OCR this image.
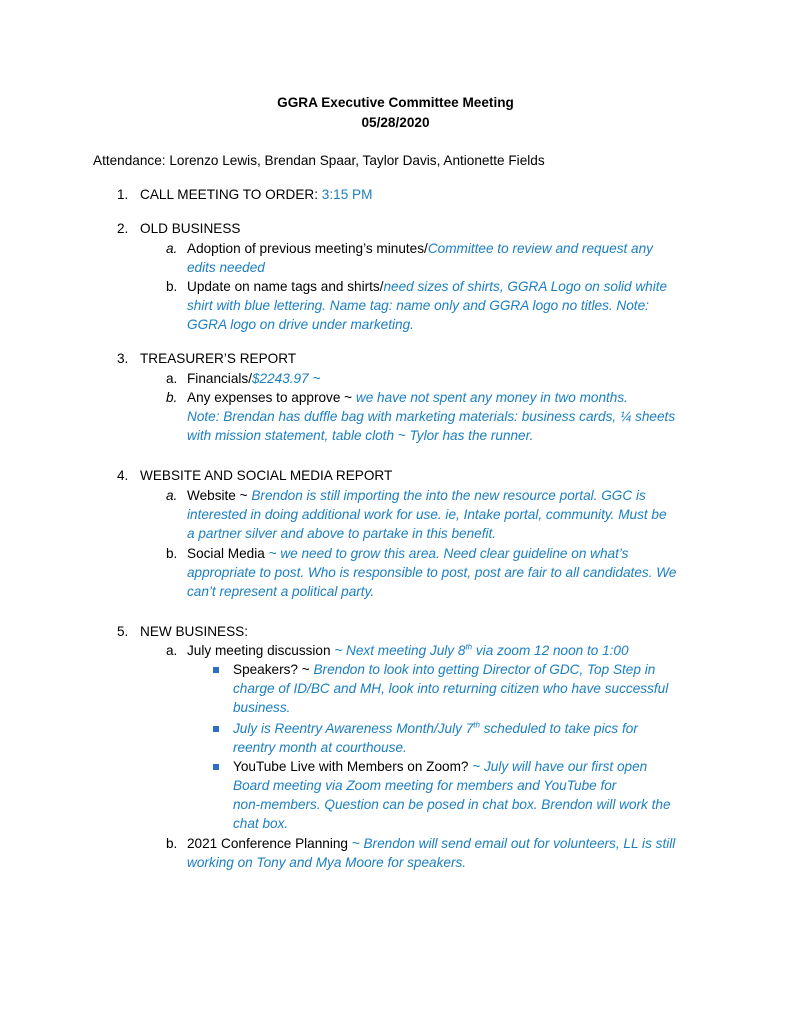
GGRA Executive Committee Meeting
05/28/2020
Attendance: Lorenzo Lewis, Brendan Spaar, Taylor Davis, Antionette Fields
1. CALL MEETING TO ORDER: 3:15 PM
2. OLD BUSINESS
a. Adoption of previous meeting’s minutes/Committee to review and request any
edits needed
b. Update on name tags and shirts/need sizes of shirts, GGRA Logo on solid white
shirt with blue lettering. Name tag: name only and GGRA logo no titles. Note:
GGRA logo on drive under marketing.
3. TREASURER’S REPORT
a. Financials/$2243.97 ~
b. Any expenses to approve ~ we have not spent any money in two months.
Note: Brendan has duffle bag with marketing materials: business cards, ¼ sheets
with mission statement, table cloth ~ Tylor has the runner.
4. WEBSITE AND SOCIAL MEDIA REPORT
a. Website ~ Brendon is still importing the into the new resource portal. GGC is
interested in doing additional work for use. ie, Intake portal, community. Must be
a partner silver and above to partake in this benefit.
b. Social Media ~ we need to grow this area. Need clear guideline on what’s
appropriate to post. Who is responsible to post, post are fair to all candidates. We
can’t represent a political party.
5. NEW BUSINESS:
a. July meeting discussion ~ Next meeting July 8th via zoom 12 noon to 1:00
Speakers? ~ Brendon to look into getting Director of GDC, Top Step in
charge of ID/BC and MH, look into returning citizen who have successful
business.
July is Reentry Awareness Month/July 7th scheduled to take pics for
reentry month at courthouse.
YouTube Live with Members on Zoom? ~ July will have our first open
Board meeting via Zoom meeting for members and YouTube for
non-members. Question can be posed in chat box. Brendon will work the
chat box.
b. 2021 Conference Planning ~ Brendon will send email out for volunteers, LL is still
working on Tony and Mya Moore for speakers.
